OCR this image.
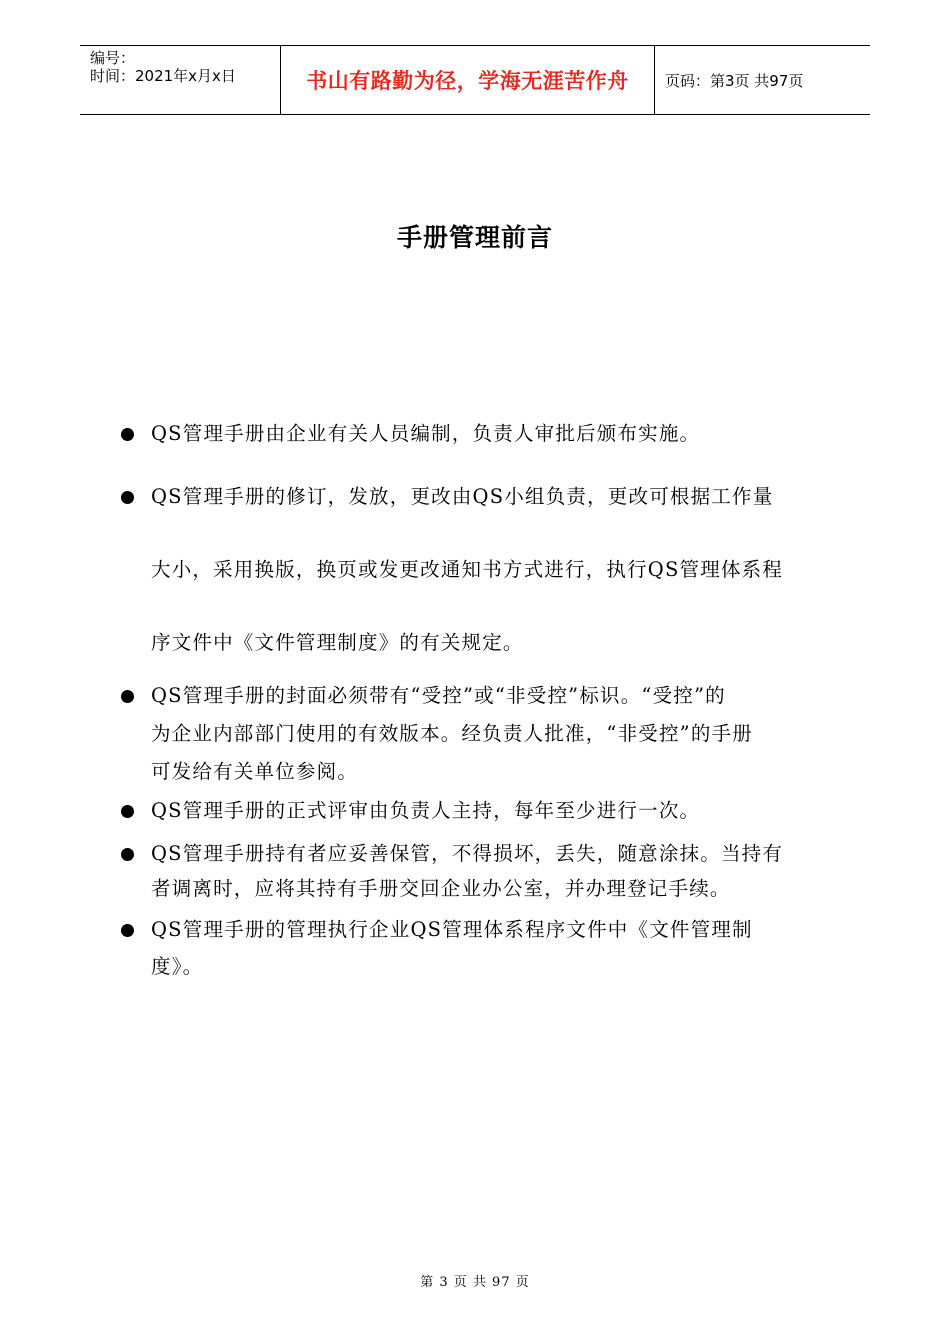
编号：
时间：2021年x月x日	书山有路勤为径，学海无涯苦作舟 页码：第3页 共97页
手册管理前言
QS管理手册由企业有关人员编制，负责人审批后颁布实施。
QS管理手册的修订，发放，更改由QS小组负责，更改可根据工作量
大小，采用换版，换页或发更改通知书方式进行，执行QS管理体系程
序文件中《文件管理制度》的有关规定。
QS管理手册的封面必须带有“受控”或“非受控”标识。“受控”的
为企业内部部门使用的有效版本。经负责人批准，“非受控”的手册
可发给有关单位参阅。
QS管理手册的正式评审由负责人主持，每年至少进行一次。
QS管理手册持有者应妥善保管，不得损坏，丢失，随意涂抹。当持有
者调离时，应将其持有手册交回企业办公室，并办理登记手续。
QS管理手册的管理执行企业QS管理体系程序文件中《文件管理制
度》。
第 3 页 共 97 页
